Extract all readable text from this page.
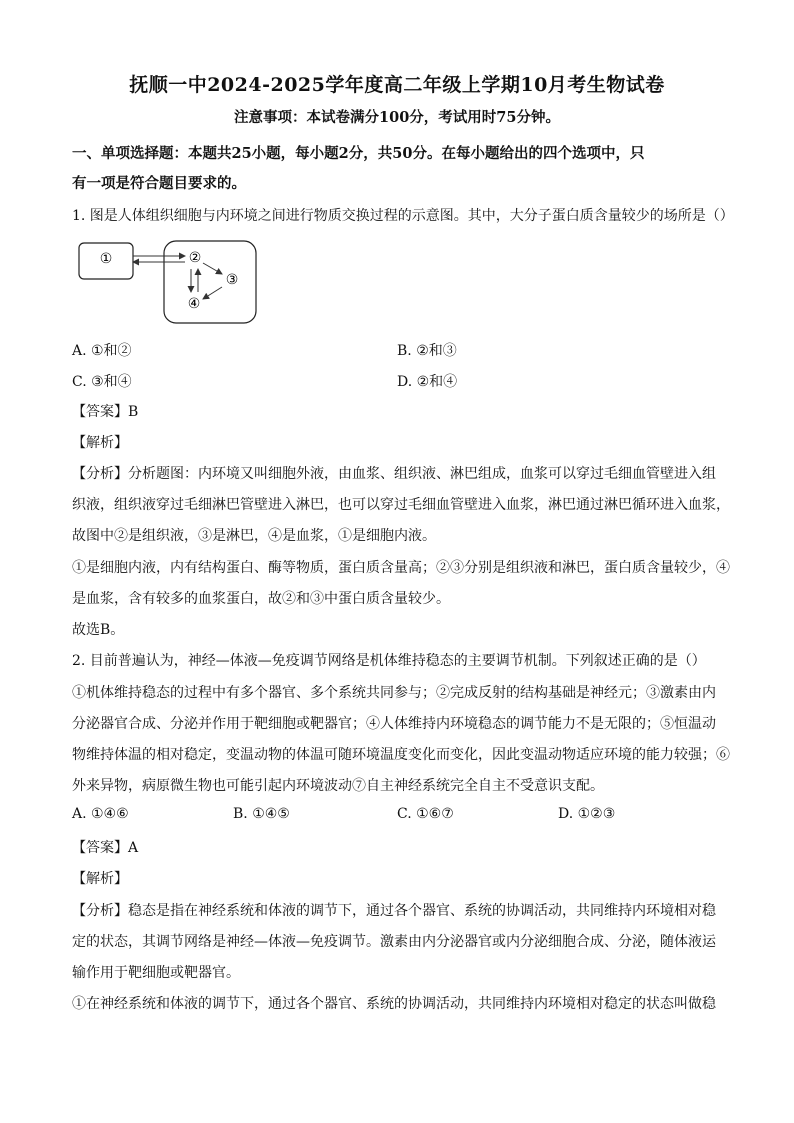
抚顺一中2024-2025学年度高二年级上学期10月考生物试卷
注意事项：本试卷满分100分，考试用时75分钟。
一、单项选择题：本题共25小题，每小题2分，共50分。在每小题给出的四个选项中，只
有一项是符合题目要求的。
1. 图是人体组织细胞与内环境之间进行物质交换过程的示意图。其中，大分子蛋白质含量较少的场所是（）
①	②
③
④
A. ①和②	B. ②和③
C. ③和④	D. ②和④
【答案】B
【解析】
【分析】分析题图：内环境又叫细胞外液，由血浆、组织液、淋巴组成，血浆可以穿过毛细血管壁进入组
织液，组织液穿过毛细淋巴管壁进入淋巴，也可以穿过毛细血管壁进入血浆，淋巴通过淋巴循环进入血浆，
故图中②是组织液，③是淋巴，④是血浆，①是细胞内液。
①是细胞内液，内有结构蛋白、酶等物质，蛋白质含量高；②③分别是组织液和淋巴，蛋白质含量较少，④
是血浆，含有较多的血浆蛋白，故②和③中蛋白质含量较少。
故选B。
2. 目前普遍认为，神经—体液—免疫调节网络是机体维持稳态的主要调节机制。下列叙述正确的是（）
①机体维持稳态的过程中有多个器官、多个系统共同参与；②完成反射的结构基础是神经元；③激素由内
分泌器官合成、分泌并作用于靶细胞或靶器官；④人体维持内环境稳态的调节能力不是无限的；⑤恒温动
物维持体温的相对稳定，变温动物的体温可随环境温度变化而变化，因此变温动物适应环境的能力较强；⑥
外来异物，病原微生物也可能引起内环境波动⑦自主神经系统完全自主不受意识支配。
A. ①④⑥	B. ①④⑤	C. ①⑥⑦	D. ①②③
【答案】A
【解析】
【分析】稳态是指在神经系统和体液的调节下，通过各个器官、系统的协调活动，共同维持内环境相对稳
定的状态，其调节网络是神经—体液—免疫调节。激素由内分泌器官或内分泌细胞合成、分泌，随体液运
输作用于靶细胞或靶器官。
①在神经系统和体液的调节下，通过各个器官、系统的协调活动，共同维持内环境相对稳定的状态叫做稳
